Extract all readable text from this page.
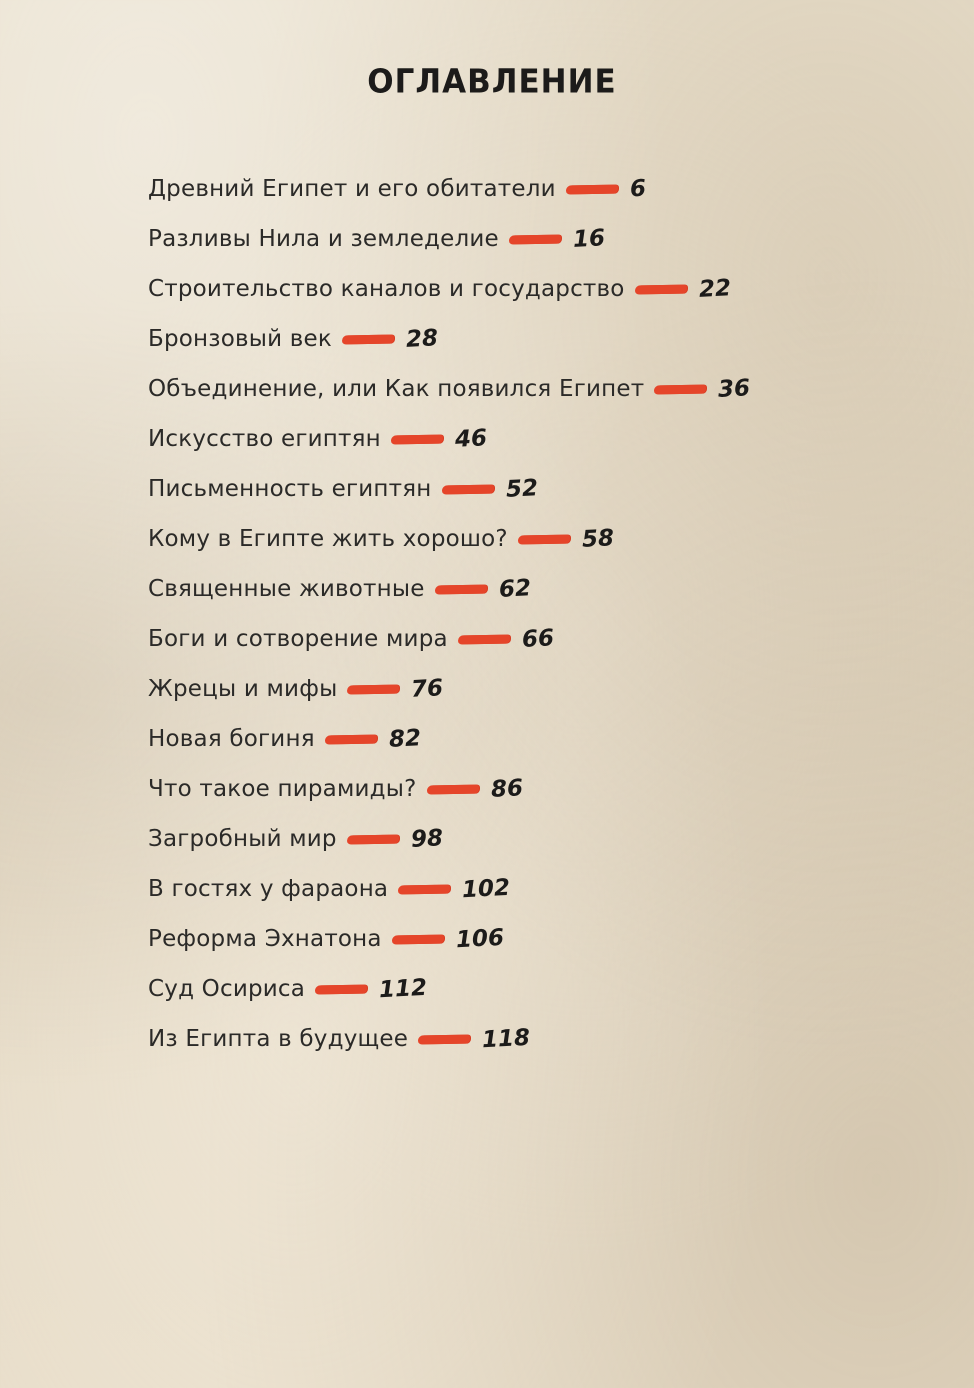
ОГЛАВЛЕНИЕ
Древний Египет и его обитатели	6
Разливы Нила и земледелие	16
Строительство каналов и государство	22
Бронзовый век	28
Объединение, или Как появился Египет	36
Искусство египтян	46
Письменность египтян	52
Кому в Египте жить хорошо?	58
Священные животные	62
Боги и сотворение мира	66
Жрецы и мифы	76
Новая богиня	82
Что такое пирамиды?	86
Загробный мир	98
В гостях у фараона	102
Реформа Эхнатона	106
Суд Осириса	112
Из Египта в будущее	118
